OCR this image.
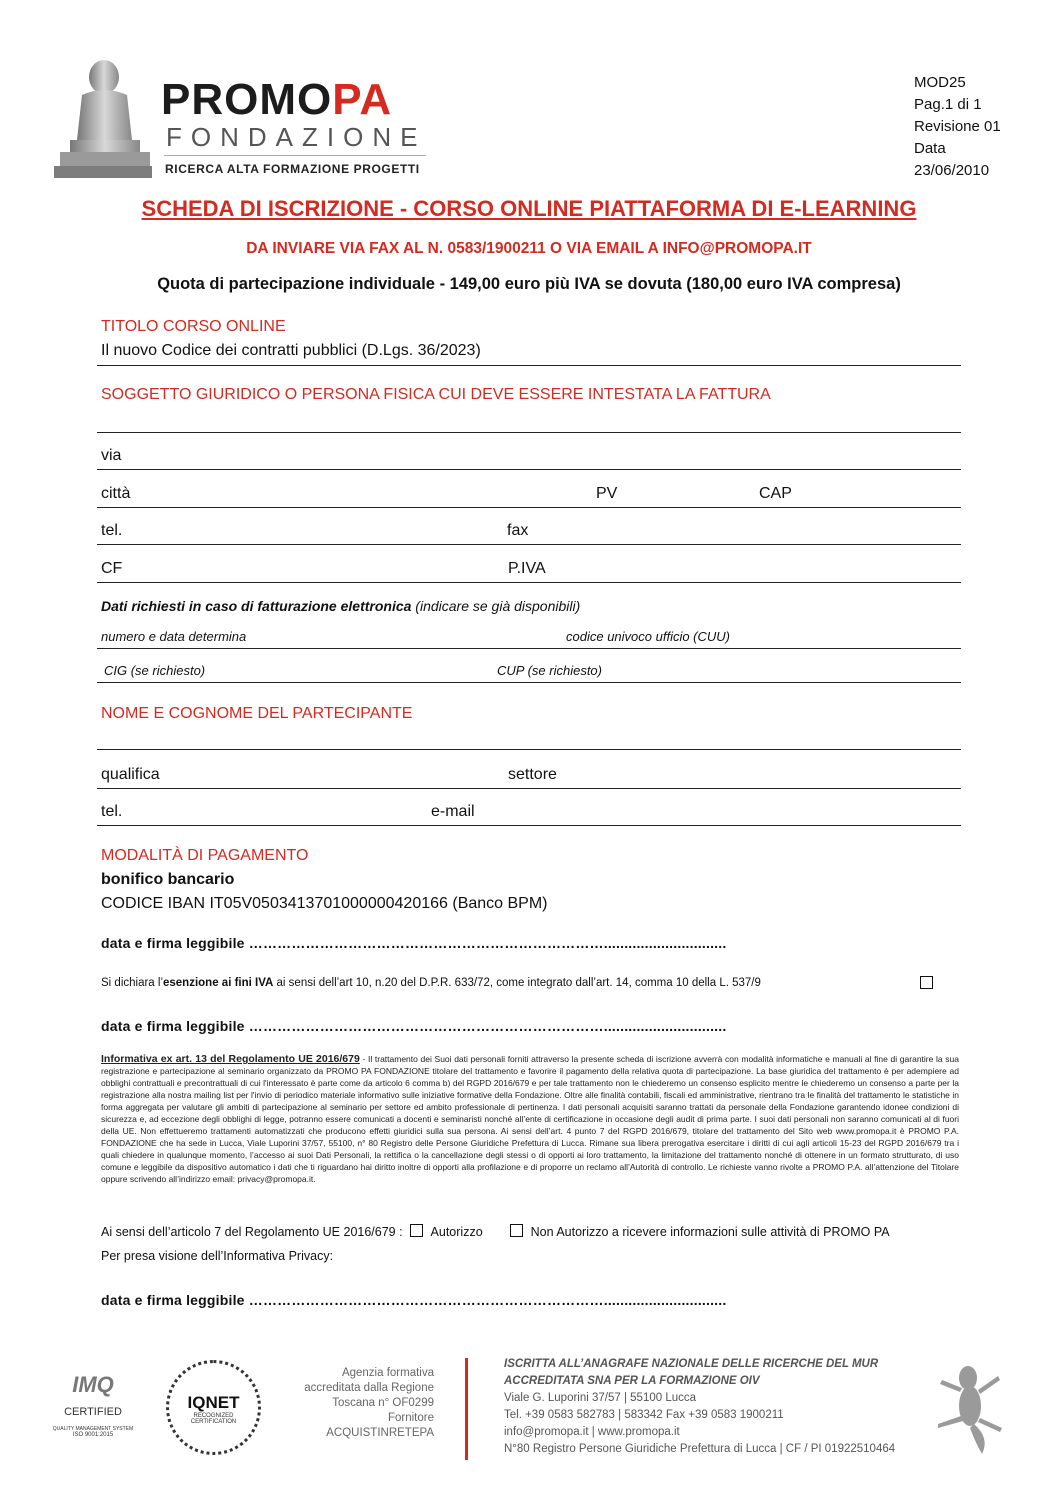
PROMOPA
FONDAZIONE
RICERCA ALTA FORMAZIONE PROGETTI
MOD25
Pag.1 di 1
Revisione 01
Data
23/06/2010
SCHEDA DI ISCRIZIONE - CORSO ONLINE PIATTAFORMA DI E-LEARNING
DA INVIARE VIA FAX AL N. 0583/1900211 O VIA EMAIL A INFO@PROMOPA.IT
Quota di partecipazione individuale - 149,00 euro più IVA se dovuta (180,00 euro IVA compresa)
TITOLO CORSO ONLINE
Il nuovo Codice dei contratti pubblici (D.Lgs. 36/2023)
SOGGETTO GIURIDICO O PERSONA FISICA CUI DEVE ESSERE INTESTATA LA FATTURA
via
città	PV	CAP
tel.	fax
CF	P.IVA
Dati richiesti in caso di fatturazione elettronica (indicare se già disponibili)
numero e data determina	codice univoco ufficio (CUU)
CIG (se richiesto)	CUP (se richiesto)
NOME E COGNOME DEL PARTECIPANTE
qualifica	settore
tel.	e-mail
MODALITÀ DI PAGAMENTO
bonifico bancario
CODICE IBAN IT05V0503413701000000420166 (Banco BPM)
data e firma leggibile …………………………………………………………………..............................
Si dichiara l’esenzione ai fini IVA ai sensi dell’art 10, n.20 del D.P.R. 633/72, come integrato dall’art. 14, comma 10 della L. 537/9
data e firma leggibile …………………………………………………………………..............................
Informativa ex art. 13 del Regolamento UE 2016/679 - Il trattamento dei Suoi dati personali forniti attraverso la presente scheda di iscrizione avverrà con modalità informatiche e manuali al fine di garantire la sua registrazione e partecipazione al seminario organizzato da PROMO PA FONDAZIONE titolare del trattamento e favorire il pagamento della relativa quota di partecipazione. La base giuridica del trattamento è per adempiere ad obblighi contrattuali e precontrattuali di cui l'interessato è parte come da articolo 6 comma b) del RGPD 2016/679 e per tale trattamento non le chiederemo un consenso esplicito mentre le chiederemo un consenso a parte per la registrazione alla nostra mailing list per l'invio di periodico materiale informativo sulle iniziative formative della Fondazione. Oltre alle finalità contabili, fiscali ed amministrative, rientrano tra le finalità del trattamento le statistiche in forma aggregata per valutare gli ambiti di partecipazione al seminario per settore ed ambito professionale di pertinenza. I dati personali acquisiti saranno trattati da personale della Fondazione garantendo idonee condizioni di sicurezza e, ad eccezione degli obblighi di legge, potranno essere comunicati a docenti e seminaristi nonché all’ente di certificazione in occasione degli audit di prima parte. I suoi dati personali non saranno comunicati al di fuori della UE. Non effettueremo trattamenti automatizzati che producono effetti giuridici sulla sua persona. Ai sensi dell’art. 4 punto 7 del RGPD 2016/679, titolare del trattamento del Sito web www.promopa.it è PROMO P.A. FONDAZIONE che ha sede in Lucca, Viale Luporini 37/57, 55100, n° 80 Registro delle Persone Giuridiche Prefettura di Lucca. Rimane sua libera prerogativa esercitare i diritti di cui agli articoli 15-23 del RGPD 2016/679 tra i quali chiedere in qualunque momento, l’accesso ai suoi Dati Personali, la rettifica o la cancellazione degli stessi o di opporti ai loro trattamento, la limitazione del trattamento nonché di ottenere in un formato strutturato, di uso comune e leggibile da dispositivo automatico i dati che ti riguardano hai diritto inoltre di opporti alla profilazione e di proporre un reclamo all’Autorità di controllo. Le richieste vanno rivolte a PROMO P.A. all’attenzione del Titolare oppure scrivendo all’indirizzo email: privacy@promopa.it.
Ai sensi dell’articolo 7 del Regolamento UE 2016/679 : Autorizzo	Non Autorizzo a ricevere informazioni sulle attività di PROMO PA
Per presa visione dell’Informativa Privacy:
data e firma leggibile …………………………………………………………………..............................
IMQ
CERTIFIED
QUALITY MANAGEMENT SYSTEM
ISO 9001:2015
IQNET
RECOGNIZED
CERTIFICATION
Agenzia formativa
accreditata dalla Regione
Toscana n° OF0299
Fornitore
ACQUISTINRETEPA
ISCRITTA ALL’ANAGRAFE NAZIONALE DELLE RICERCHE DEL MUR
ACCREDITATA SNA PER LA FORMAZIONE OIV
Viale G. Luporini 37/57 | 55100 Lucca
Tel. +39 0583 582783 | 583342 Fax +39 0583 1900211
info@promopa.it | www.promopa.it
N°80 Registro Persone Giuridiche Prefettura di Lucca | CF / PI 01922510464
